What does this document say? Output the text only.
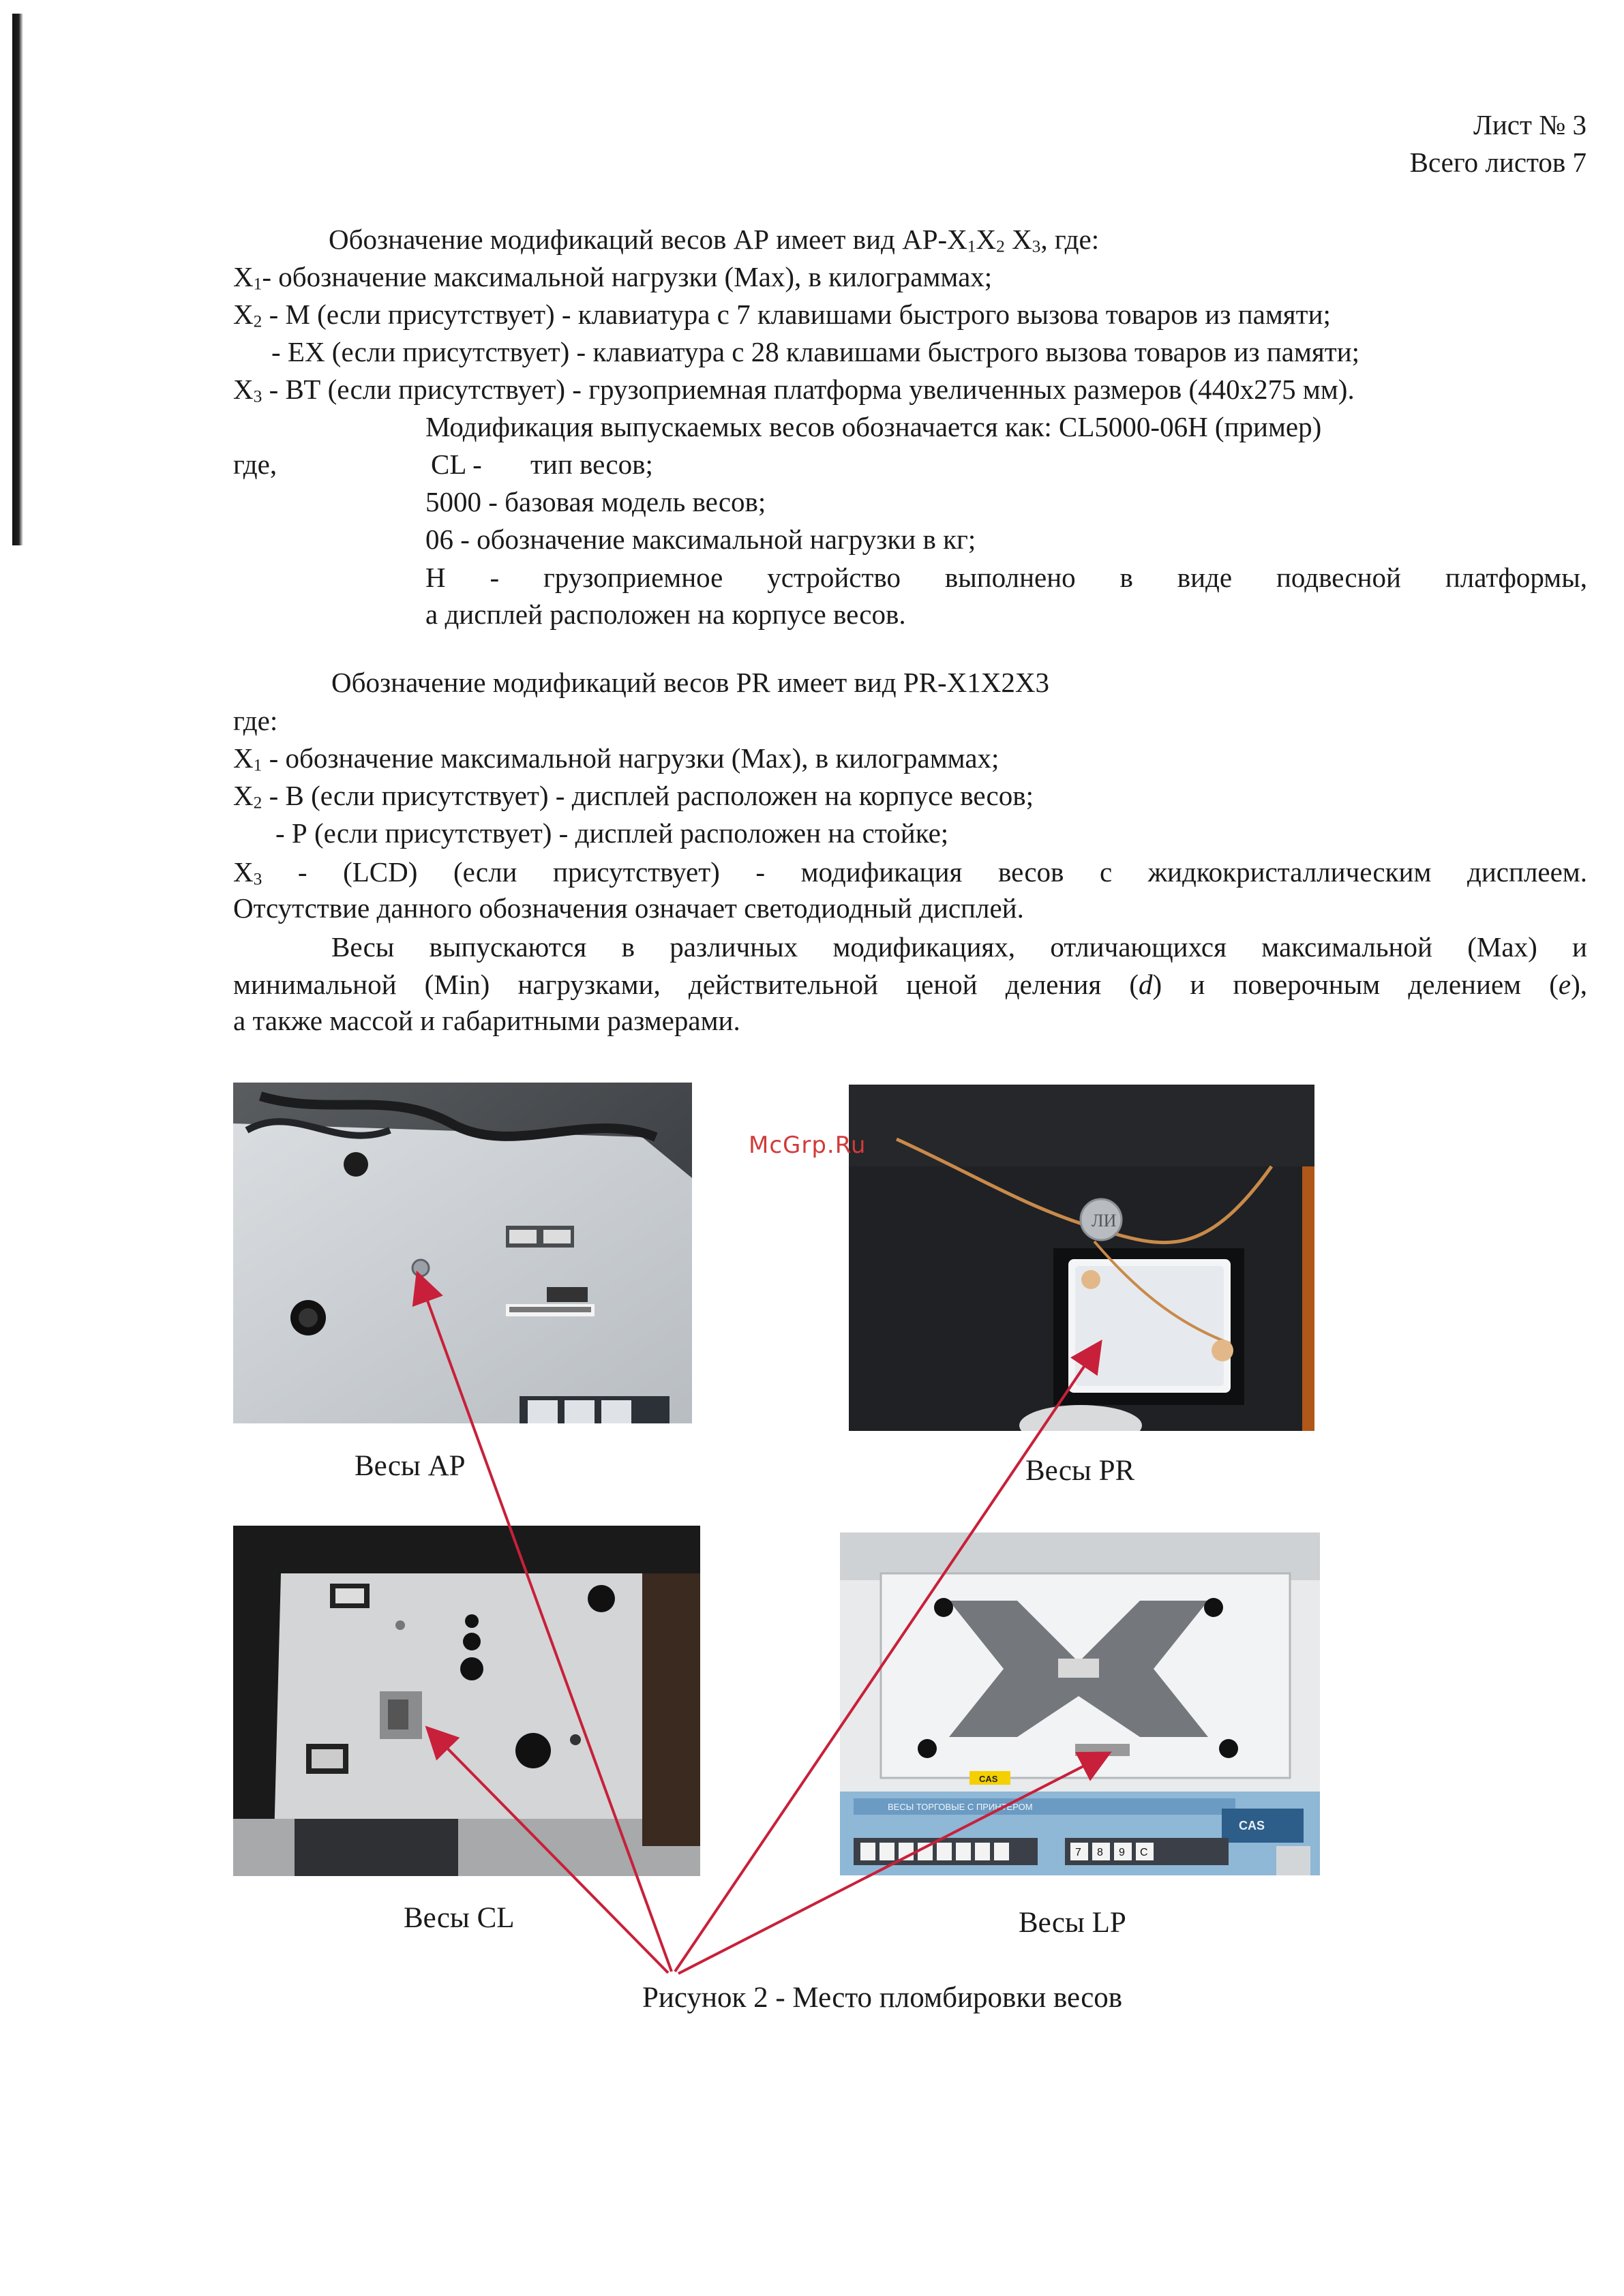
Лист № 3
Всего листов 7
Обозначение модификаций весов АР имеет вид $АР-X_1X_2$ $X_3$, где:
$X_1-$ обозначение максимальной нагрузки (Max), в килограммах;
$X_2$ - М (если присутствует) - клавиатура с 7 клавишами быстрого вызова товаров из памяти;
- ЕХ (если присутствует) - клавиатура с 28 клавишами быстрого вызова товаров из памяти;
$X_3$ - ВТ (если присутствует) - грузоприемная платформа увеличенных размеров (440x275 мм).
Модификация выпускаемых весов обозначается как: CL5000-06H (пример)
где,	CL - тип весов;
5000 - базовая модель весов;
06 - обозначение максимальной нагрузки в кг;
Н - грузоприемное устройство выполнено в виде подвесной платформы,
а дисплей расположен на корпусе весов.
Обозначение модификаций весов PR имеет вид PR-X1X2X3
где:
$X_1$ - обозначение максимальной нагрузки (Max), в килограммах;
$X_2$ - В (если присутствует) - дисплей расположен на корпусе весов;
- Р (если присутствует) - дисплей расположен на стойке;
$X_3 - (LCD)$ (если присутствует) - модификация весов с жидкокристаллическим дисплеем.
Отсутствие данного обозначения означает светодиодный дисплей.
Весы выпускаются в различных модификациях, отличающихся максимальной (Max) и
минимальной (Min) нагрузками, действительной ценой деления (d) и поверочным делением (e),
а также массой и габаритными размерами.
ЛИ
CAS
ВЕСЫ ТОРГОВЫЕ С ПРИНТЕРОМ
CAS
7 8 9 C
Весы АР	Весы PR
Весы CL	Весы LP
Рисунок 2 - Место пломбировки весов
McGrp.Ru
